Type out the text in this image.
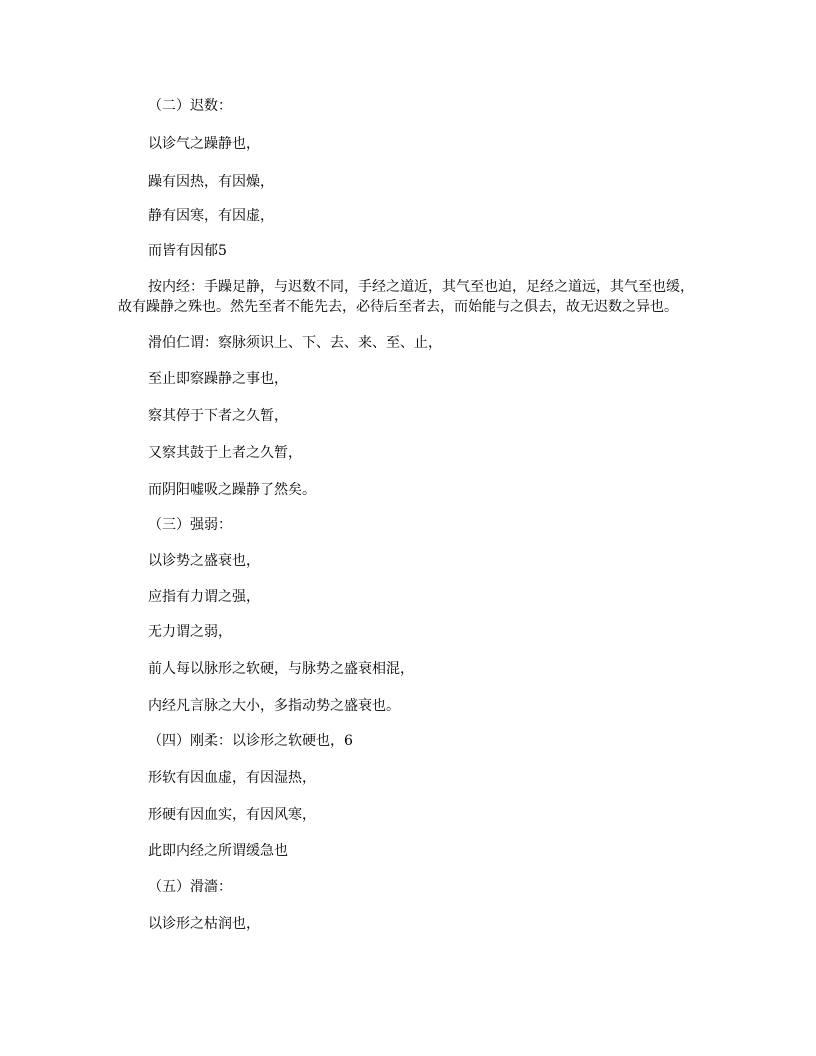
（二）迟数：
以诊气之躁静也，
躁有因热，有因燥，
静有因寒，有因虚，
而皆有因郁5
按内经：手躁足静，与迟数不同，手经之道近，其气至也迫，足经之道远，其气至也缓，故有躁静之殊也。然先至者不能先去，必待后至者去，而始能与之俱去，故无迟数之异也。
滑伯仁谓：察脉须识上、下、去、来、至、止，
至止即察躁静之事也，
察其停于下者之久暂，
又察其鼓于上者之久暂，
而阴阳嘘吸之躁静了然矣。
（三）强弱：
以诊势之盛衰也，
应指有力谓之强，
无力谓之弱，
前人每以脉形之软硬，与脉势之盛衰相混，
内经凡言脉之大小，多指动势之盛衰也。
（四）刚柔：以诊形之软硬也，6
形软有因血虚，有因湿热，
形硬有因血实，有因风寒，
此即内经之所谓缓急也
（五）滑濇：
以诊形之枯润也，
